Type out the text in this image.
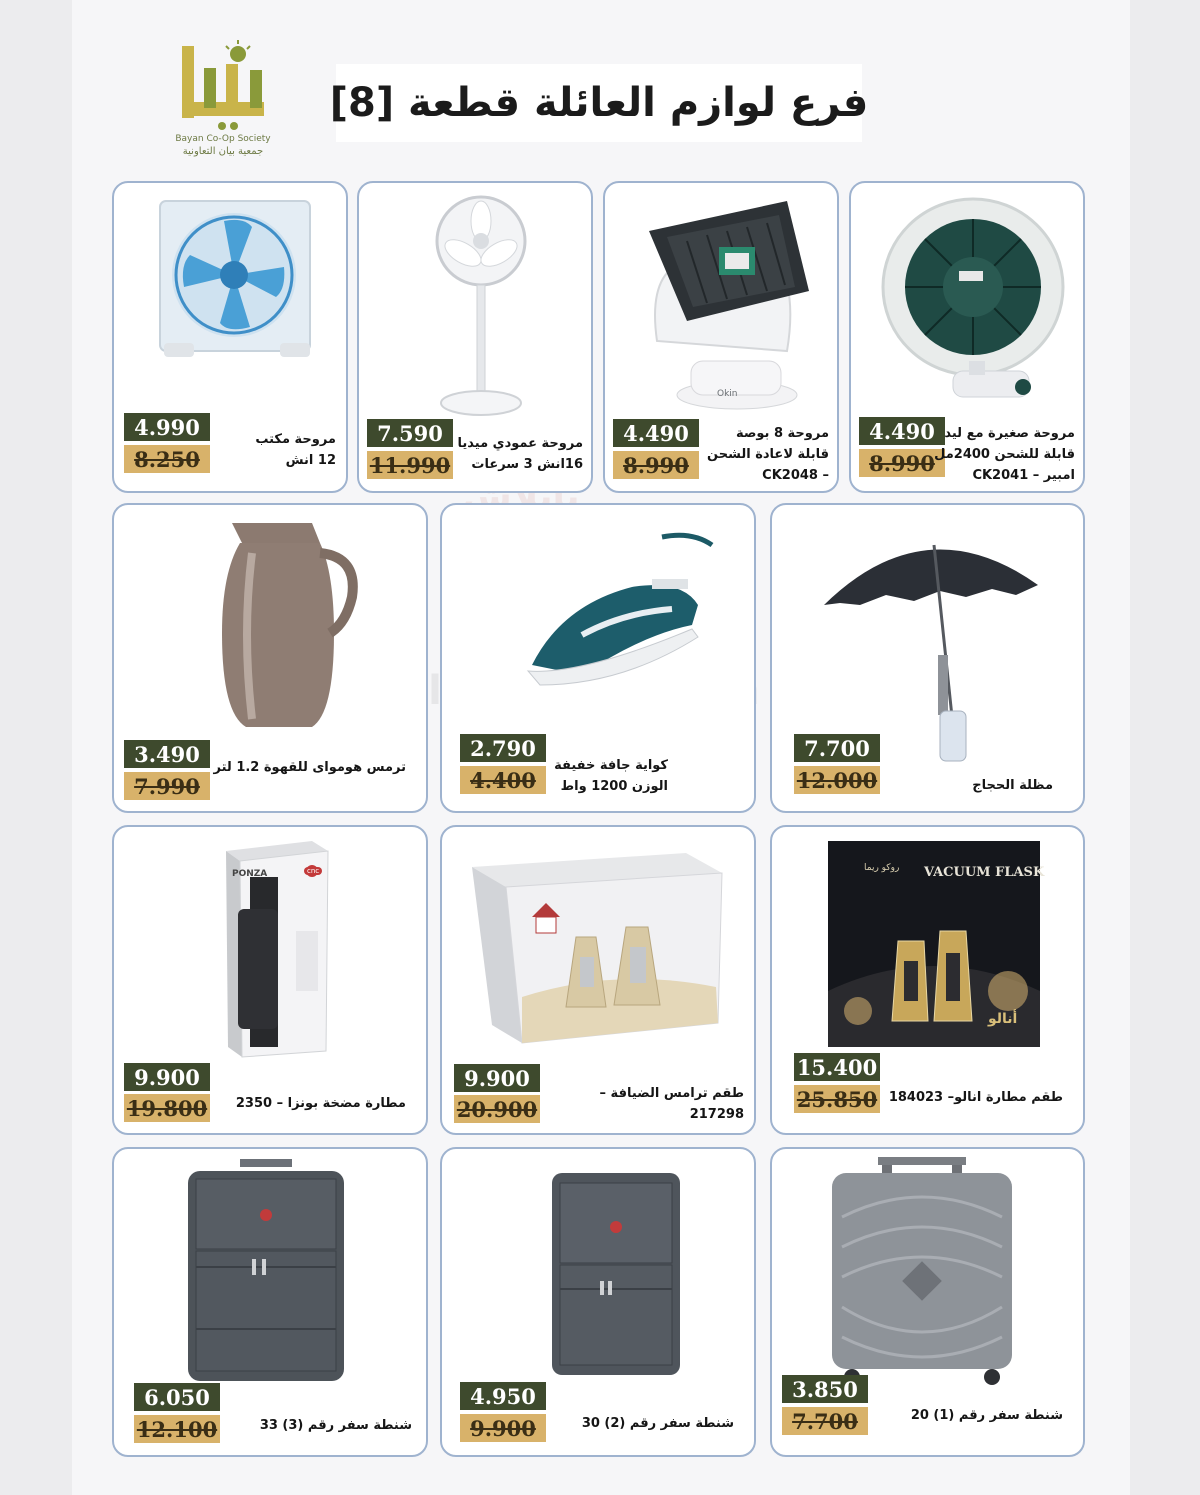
Bayan Co-Op Society
جمعية بيان التعاونية
فرع لوازم العائلة قطعة [8]
4.490
8.990
مروحة صغيرة مع ليد
قابلة للشحن 2400مل
امبير – CK2041
Okin
4.490
8.990
مروحة 8 بوصة
قابلة لاعادة الشحن
– CK2048
7.590
11.990
مروحة عمودي ميديا
16انش 3 سرعات
4.990
8.250
مروحة مكتب
12 انش
7.700
12.000	مظلة الحجاج
2.790
4.400
كواية جافة خفيفة
الوزن 1200 واط
3.490
7.990
ترمس هوموای للقهوة 1.2 لتر
VACUUM FLASK
روكو ريما
أنالو
15.400
25.850 طقم مطارة انالو– 184023
9.900
20.900
طقم ترامس الضيافة –
217298
PONZA	cnc
9.900
19.800 مطارة مضخة بونزا – 2350
3.850
7.700	شنطة سفر رقم (1) 20
4.950
9.900	شنطة سفر رقم (2) 30
6.050
12.100	شنطة سفر رقم (3) 33
